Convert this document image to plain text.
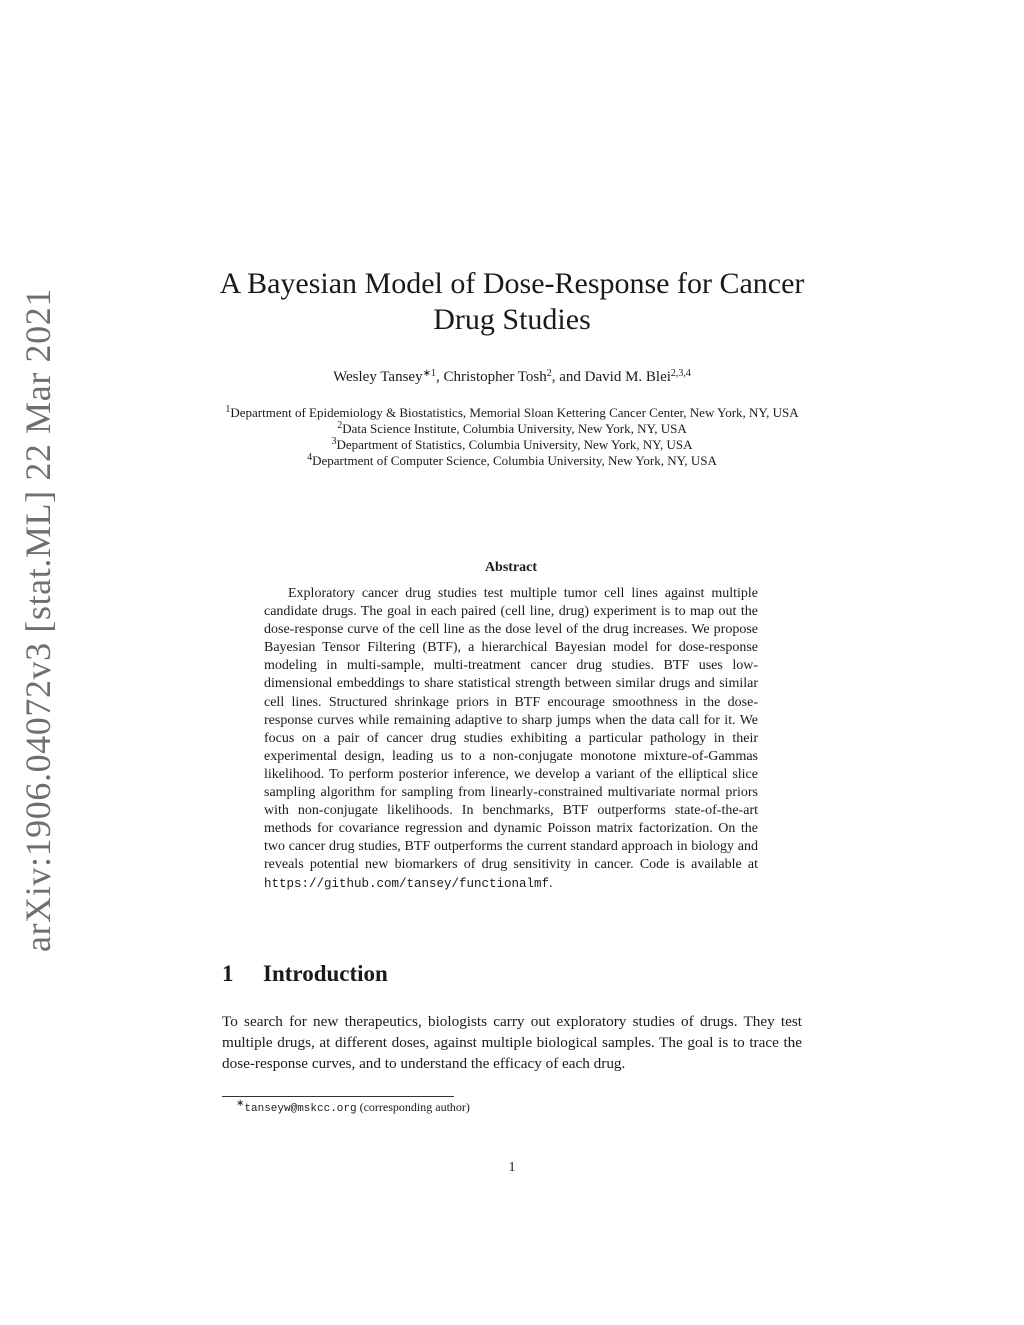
arXiv:1906.04072v3 [stat.ML] 22 Mar 2021
A Bayesian Model of Dose-Response for Cancer
Drug Studies
Wesley Tansey$^{∗1}$, Christopher Tosh$^2$, and David M. Blei$^{2,3,4}$
$^1$Department of Epidemiology & Biostatistics, Memorial Sloan Kettering Cancer Center, New York, NY, USA
$^2$Data Science Institute, Columbia University, New York, NY, USA
$^3$Department of Statistics, Columbia University, New York, NY, USA
$^4$Department of Computer Science, Columbia University, New York, NY, USA
Abstract

Exploratory cancer drug studies test multiple tumor cell lines against multiple candidate drugs. The goal in each paired (cell line, drug) experiment is to map out the dose-response curve of the cell line as the dose level of the drug increases. We propose Bayesian Tensor Filtering (BTF), a hierarchical Bayesian model for dose-response modeling in multi-sample, multi-treatment cancer drug studies. BTF uses low-dimensional embeddings to share statistical strength between similar drugs and similar cell lines. Structured shrinkage priors in BTF encourage smoothness in the dose-response curves while remaining adaptive to sharp jumps when the data call for it. We focus on a pair of cancer drug studies exhibiting a particular pathology in their experimental design, leading us to a non-conjugate monotone mixture-of-Gammas likelihood. To perform posterior inference, we develop a variant of the elliptical slice sampling algorithm for sampling from linearly-constrained multivariate normal priors with non-conjugate likelihoods. In benchmarks, BTF outperforms state-of-the-art methods for covariance regression and dynamic Poisson matrix factorization. On the two cancer drug studies, BTF outperforms the current standard approach in biology and reveals potential new biomarkers of drug sensitivity in cancer. Code is available at https://github.com/tansey/functionalmf.

1 Introduction

To search for new therapeutics, biologists carry out exploratory studies of drugs. They test multiple drugs, at different doses, against multiple biological samples. The goal is to trace the dose-response curves, and to understand the efficacy of each drug.

∗tanseyw@mskcc.org (corresponding author)
1
